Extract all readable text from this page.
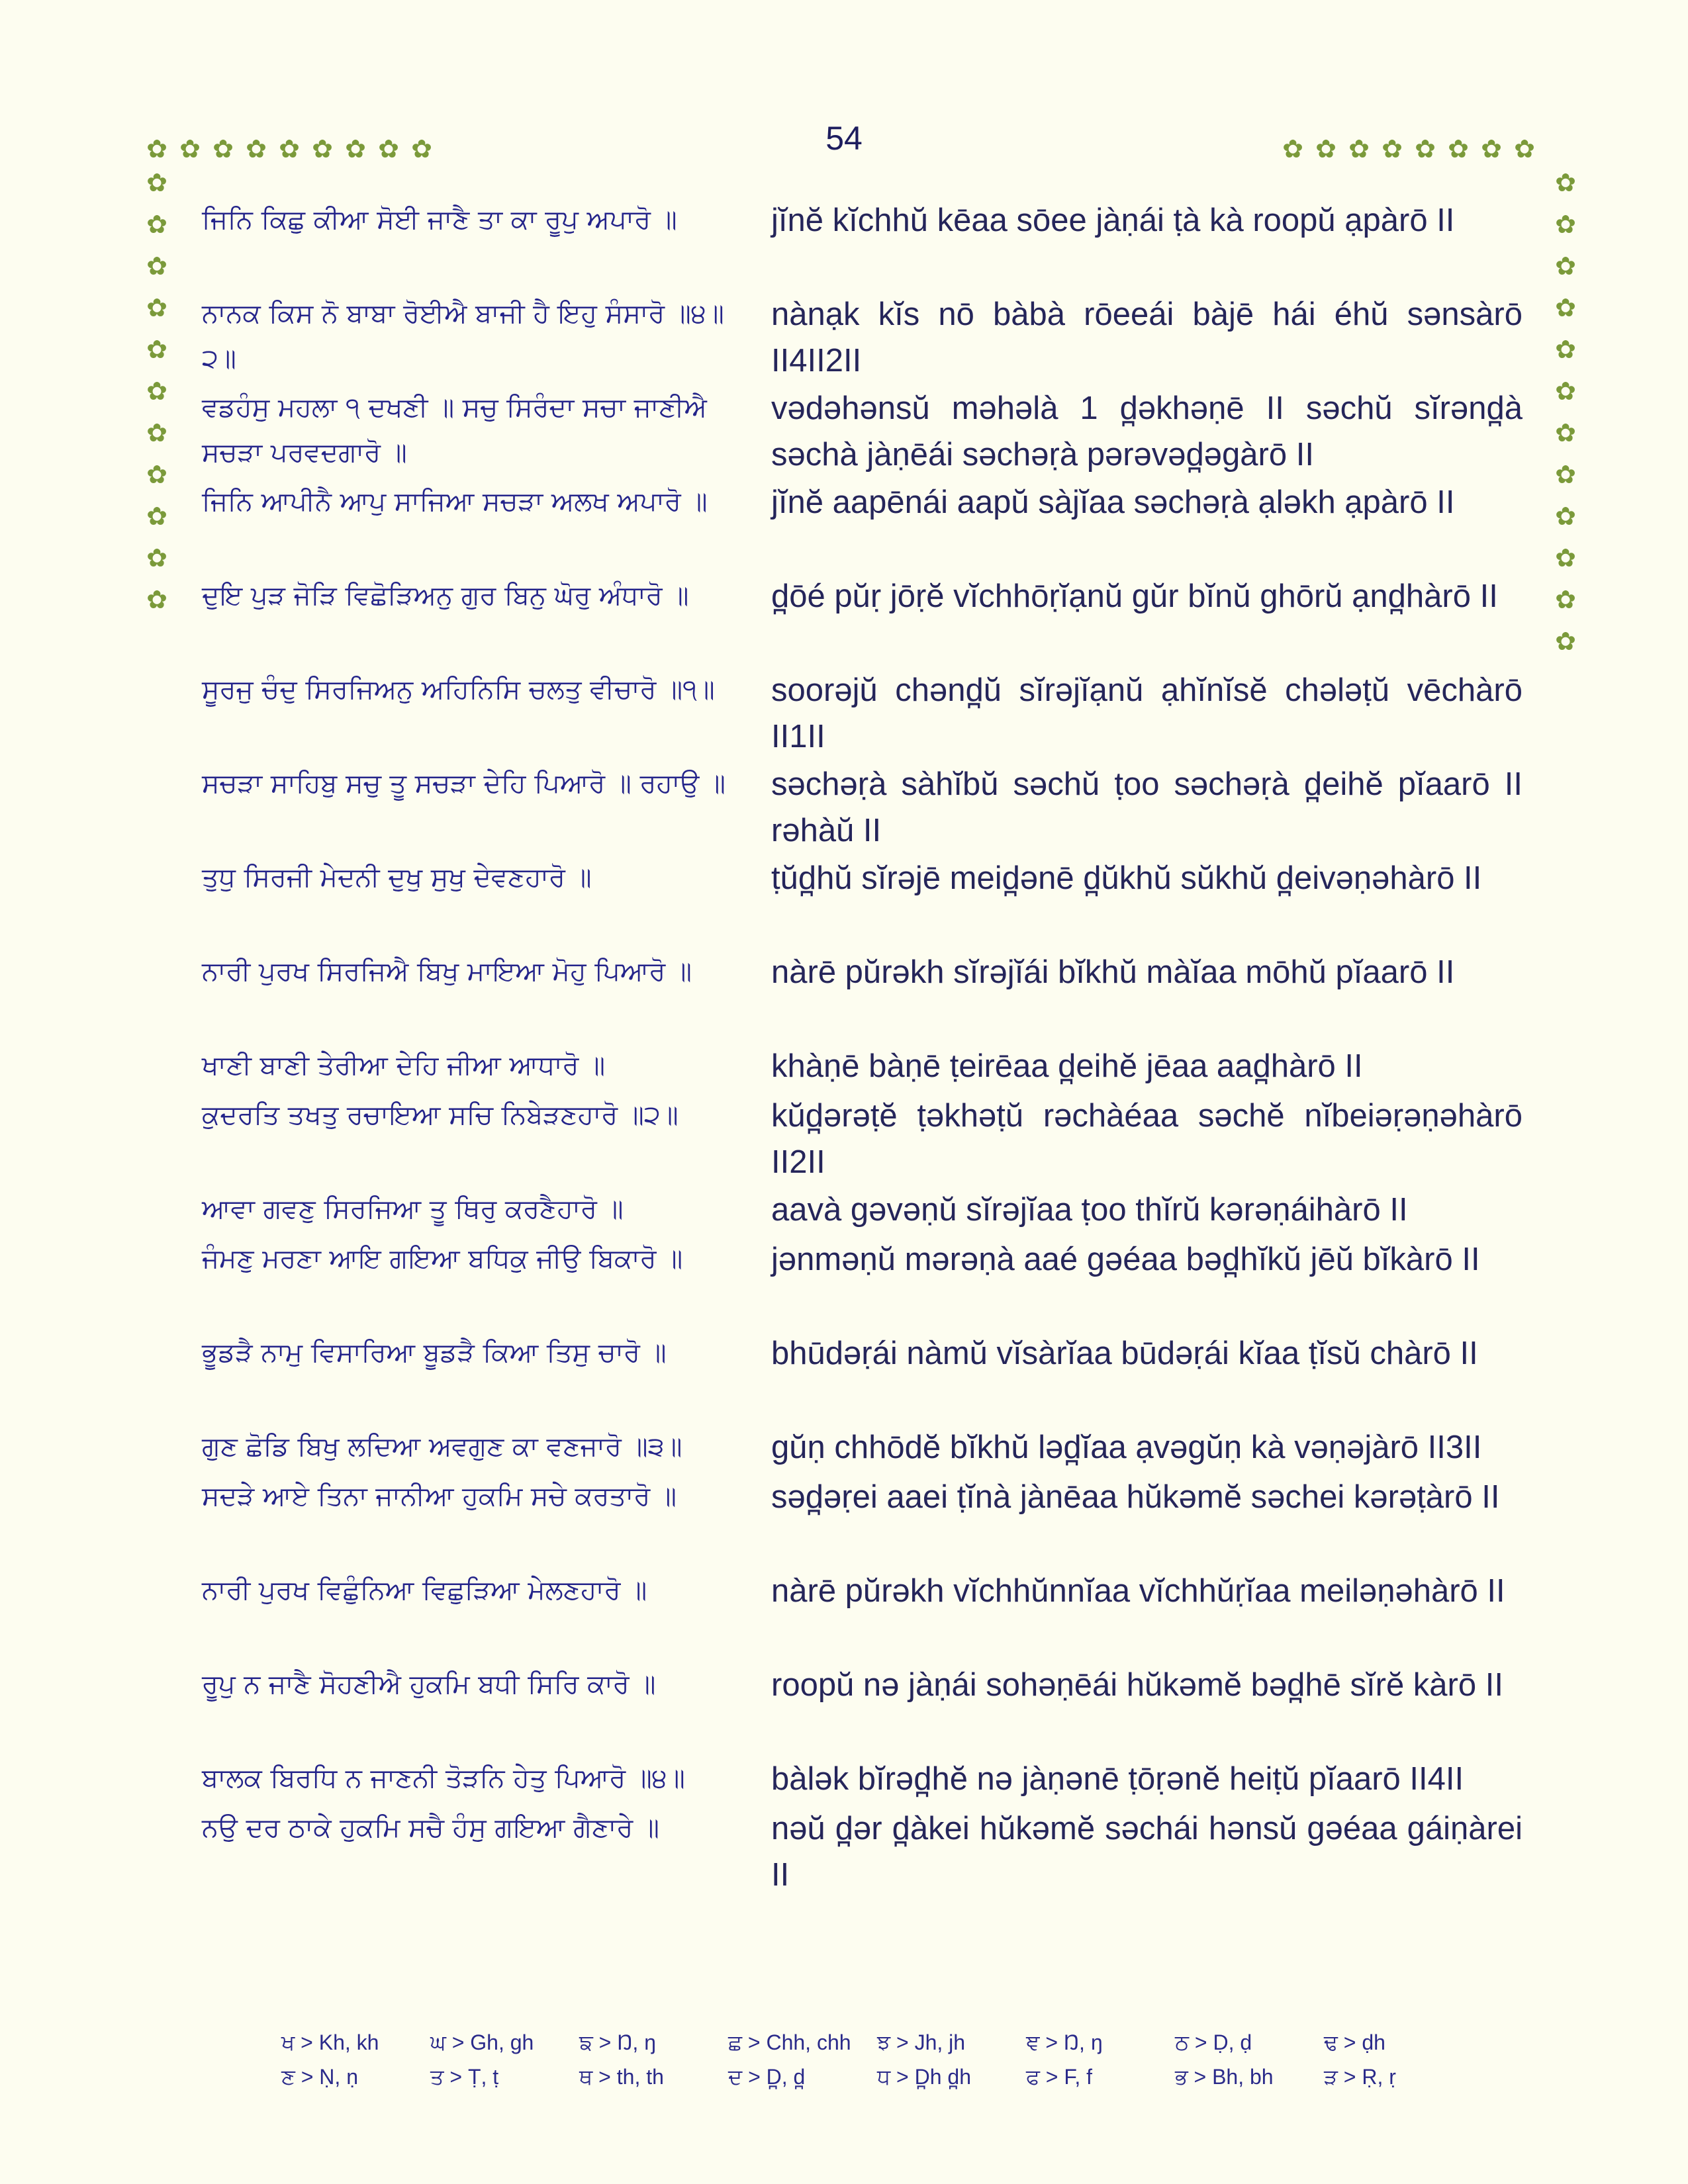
54
✿ ✿ ✿ ✿ ✿ ✿ ✿ ✿ ✿	✿ ✿ ✿ ✿ ✿ ✿ ✿ ✿
✿
✿
✿
✿
✿
✿
✿
✿
✿
✿
✿
✿
✿
✿
✿
✿
✿
✿
✿
✿
✿
✿
✿
ਜਿਨਿ ਕਿਛੁ ਕੀਆ ਸੋਈ ਜਾਣੈ ਤਾ ਕਾ ਰੂਪੁ ਅਪਾਰੋ ॥	jĭnĕ kĭchhŭ kēaa sōee jàṇái ṭà kà roopŭ ạpàrō II
ਨਾਨਕ ਕਿਸ ਨੋ ਬਾਬਾ ਰੋਈਐ ਬਾਜੀ ਹੈ ਇਹੁ ਸੰਸਾਰੋ ॥੪॥੨॥
nànạk kĭs nō bàbà rōeeái bàjē hái éhŭ sənsàrō II4II2II
ਵਡਹੰਸੁ ਮਹਲਾ ੧ ਦਖਣੀ ॥ ਸਚੁ ਸਿਰੰਦਾ ਸਚਾ ਜਾਣੀਐ ਸਚੜਾ ਪਰਵਦਗਾਰੋ ॥
vədəhənsŭ məhəlà 1 d̪əkhəṇē II səchŭ sĭrənd̪à səchà jàṇēái səchəṛà pərəvəd̪əgàrō II
ਜਿਨਿ ਆਪੀਨੈ ਆਪੁ ਸਾਜਿਆ ਸਚੜਾ ਅਲਖ ਅਪਾਰੋ ॥	jĭnĕ aapēnái aapŭ sàjĭaa səchəṛà ạləkh ạpàrō II
ਦੁਇ ਪੁੜ ਜੋੜਿ ਵਿਛੋੜਿਅਨੁ ਗੁਰ ਬਿਨੁ ਘੋਰੁ ਅੰਧਾਰੋ ॥	d̪ōé pŭṛ jōṛĕ vĭchhōṛĭạnŭ gŭr bĭnŭ ghōrŭ ạnd̪hàrō II
ਸੂਰਜੁ ਚੰਦੁ ਸਿਰਜਿਅਨੁ ਅਹਿਨਿਸਿ ਚਲਤੁ ਵੀਚਾਰੋ ॥੧॥	soorəjŭ chənd̪ŭ sĭrəjĭạnŭ ạhĭnĭsĕ chələṭŭ vēchàrō II1II
ਸਚੜਾ ਸਾਹਿਬੁ ਸਚੁ ਤੂ ਸਚੜਾ ਦੇਹਿ ਪਿਆਰੋ ॥ ਰਹਾਉ ॥	səchəṛà sàhĭbŭ səchŭ ṭoo səchəṛà d̪eihĕ pĭaarō II rəhàŭ II
ਤੁਧੁ ਸਿਰਜੀ ਮੇਦਨੀ ਦੁਖੁ ਸੁਖੁ ਦੇਵਣਹਾਰੋ ॥	ṭŭd̪hŭ sĭrəjē meid̪ənē d̪ŭkhŭ sŭkhŭ d̪eivəṇəhàrō II
ਨਾਰੀ ਪੁਰਖ ਸਿਰਜਿਐ ਬਿਖੁ ਮਾਇਆ ਮੋਹੁ ਪਿਆਰੋ ॥	nàrē pŭrəkh sĭrəjĭái bĭkhŭ màĭaa mōhŭ pĭaarō II
ਖਾਣੀ ਬਾਣੀ ਤੇਰੀਆ ਦੇਹਿ ਜੀਆ ਆਧਾਰੋ ॥	khàṇē bàṇē ṭeirēaa d̪eihĕ jēaa aad̪hàrō II
ਕੁਦਰਤਿ ਤਖਤੁ ਰਚਾਇਆ ਸਚਿ ਨਿਬੇੜਣਹਾਰੋ ॥੨॥	kŭd̪ərəṭĕ ṭəkhəṭŭ rəchàéaa səchĕ nĭbeiəṛəṇəhàrō II2II
ਆਵਾ ਗਵਣੁ ਸਿਰਜਿਆ ਤੂ ਥਿਰੁ ਕਰਣੈਹਾਰੋ ॥	aavà gəvəṇŭ sĭrəjĭaa ṭoo thĭrŭ kərəṇáihàrō II
ਜੰਮਣੁ ਮਰਣਾ ਆਇ ਗਇਆ ਬਧਿਕੁ ਜੀਉ ਬਿਕਾਰੋ ॥	jənməṇŭ mərəṇà aaé gəéaa bəd̪hĭkŭ jēŭ bĭkàrō II
ਭੂਡੜੈ ਨਾਮੁ ਵਿਸਾਰਿਆ ਬੂਡੜੈ ਕਿਆ ਤਿਸੁ ਚਾਰੋ ॥	bhūdəṛái nàmŭ vĭsàrĭaa būdəṛái kĭaa ṭĭsŭ chàrō II
ਗੁਣ ਛੋਡਿ ਬਿਖੁ ਲਦਿਆ ਅਵਗੁਣ ਕਾ ਵਣਜਾਰੋ ॥੩॥	gŭṇ chhōdĕ bĭkhŭ ləd̪ĭaa ạvəgŭṇ kà vəṇəjàrō II3II
ਸਦੜੇ ਆਏ ਤਿਨਾ ਜਾਨੀਆ ਹੁਕਮਿ ਸਚੇ ਕਰਤਾਰੋ ॥	səd̪əṛei aaei ṭĭnà jànēaa hŭkəmĕ səchei kərəṭàrō II
ਨਾਰੀ ਪੁਰਖ ਵਿਛੁੰਨਿਆ ਵਿਛੁੜਿਆ ਮੇਲਣਹਾਰੋ ॥	nàrē pŭrəkh vĭchhŭnnĭaa vĭchhŭṛĭaa meiləṇəhàrō II
ਰੂਪੁ ਨ ਜਾਣੈ ਸੋਹਣੀਐ ਹੁਕਮਿ ਬਧੀ ਸਿਰਿ ਕਾਰੋ ॥	roopŭ nə jàṇái sohəṇēái hŭkəmĕ bəd̪hē sĭrĕ kàrō II
ਬਾਲਕ ਬਿਰਧਿ ਨ ਜਾਣਨੀ ਤੋੜਨਿ ਹੇਤੁ ਪਿਆਰੋ ॥੪॥	bàlək bĭrəd̪hĕ nə jàṇənē ṭōṛənĕ heiṭŭ pĭaarō II4II
ਨਉ ਦਰ ਠਾਕੇ ਹੁਕਮਿ ਸਚੈ ਹੰਸੁ ਗਇਆ ਗੈਣਾਰੇ ॥	nəŭ d̪ər d̪àkei hŭkəmĕ səchái hənsŭ gəéaa gáiṇàrei II
ਖ > Kh, kh	ਘ > Gh, gh	ਙ > Ŋ, ŋ	ਛ > Chh, chh	ਝ > Jh, jh	ਞ > Ŋ, ŋ	ਠ > Ḍ, ḍ	ਢ > ḍh
ਣ > Ṇ, ṇ	ਤ > Ṭ, ṭ	ਥ > th, th	ਦ > D̪, d̪	ਧ > D̪h d̪h	ਫ > F, f	ਭ > Bh, bh	ੜ > Ṛ, ṛ
